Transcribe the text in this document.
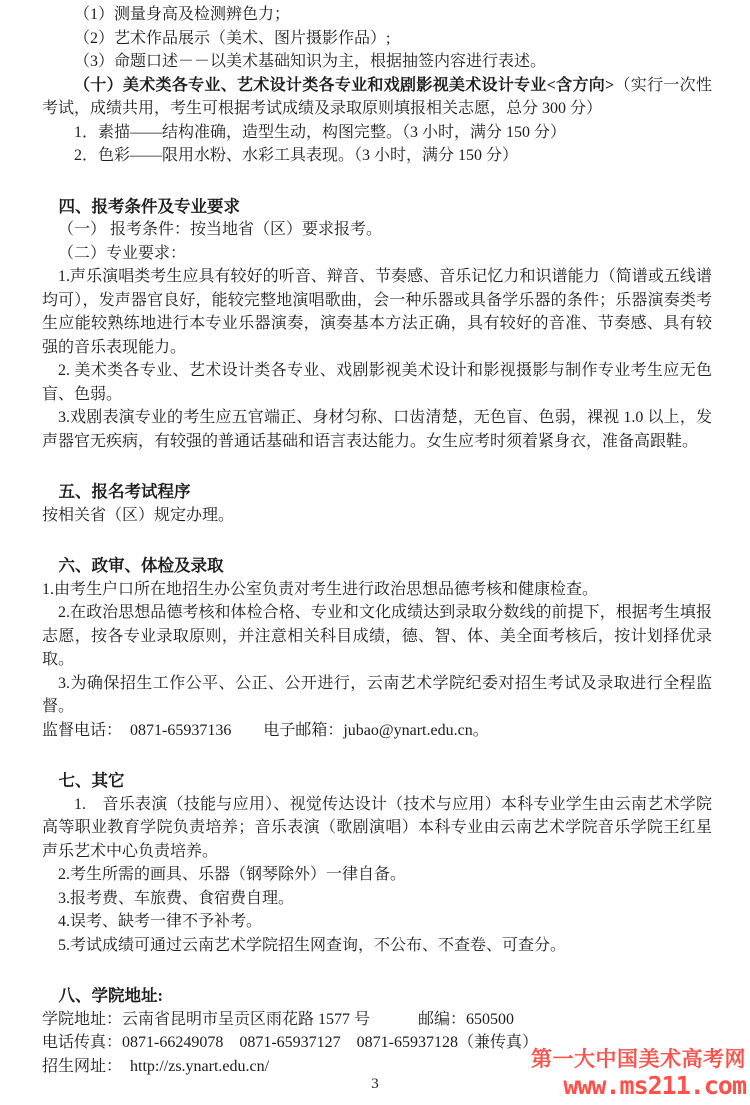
（1）测量身高及检测辨色力；

（2）艺术作品展示（美术、图片摄影作品）;

（3）命题口述－－以美术基础知识为主，根据抽签内容进行表述。

（十）美术类各专业、艺术设计类各专业和戏剧影视美术设计专业<含方向>（实行一次性考试，成绩共用，考生可根据考试成绩及录取原则填报相关志愿，总分 300 分）

1．素描——结构准确，造型生动，构图完整。（3 小时，满分 150 分）

2．色彩——限用水粉、水彩工具表现。（3 小时，满分 150 分）

四、报考条件及专业要求

（一） 报考条件：按当地省（区）要求报考。

（二）专业要求：

1.声乐演唱类考生应具有较好的听音、辩音、节奏感、音乐记忆力和识谱能力（简谱或五线谱均可），发声器官良好，能较完整地演唱歌曲，会一种乐器或具备学乐器的条件；乐器演奏类考生应能较熟练地进行本专业乐器演奏，演奏基本方法正确，具有较好的音准、节奏感、具有较强的音乐表现能力。

2. 美术类各专业、艺术设计类各专业、戏剧影视美术设计和影视摄影与制作专业考生应无色盲、色弱。

3.戏剧表演专业的考生应五官端正、身材匀称、口齿清楚，无色盲、色弱，裸视 1.0 以上，发声器官无疾病，有较强的普通话基础和语言表达能力。女生应考时须着紧身衣，准备高跟鞋。

五、报名考试程序

按相关省（区）规定办理。

六、政审、体检及录取

1.由考生户口所在地招生办公室负责对考生进行政治思想品德考核和健康检查。

2.在政治思想品德考核和体检合格、专业和文化成绩达到录取分数线的前提下，根据考生填报志愿，按各专业录取原则，并注意相关科目成绩，德、智、体、美全面考核后，按计划择优录取。

3.为确保招生工作公平、公正、公开进行，云南艺术学院纪委对招生考试及录取进行全程监督。

监督电话：　0871-65937136　　电子邮箱：jubao@ynart.edu.cn。

七、其它

1.　音乐表演（技能与应用）、视觉传达设计（技术与应用）本科专业学生由云南艺术学院高等职业教育学院负责培养；音乐表演（歌剧演唱）本科专业由云南艺术学院音乐学院王红星声乐艺术中心负责培养。

2.考生所需的画具、乐器（钢琴除外）一律自备。

3.报考费、车旅费、食宿费自理。

4.误考、缺考一律不予补考。

5.考试成绩可通过云南艺术学院招生网查询，不公布、不查卷、可查分。

八、学院地址:

学院地址：云南省昆明市呈贡区雨花路 1577 号　　　邮编：650500

电话传真：0871-66249078　0871-65937127　0871-65937128（兼传真）

招生网址：　http://zs.ynart.edu.cn/

3
第一大中国美术高考网
www.ms211.com
